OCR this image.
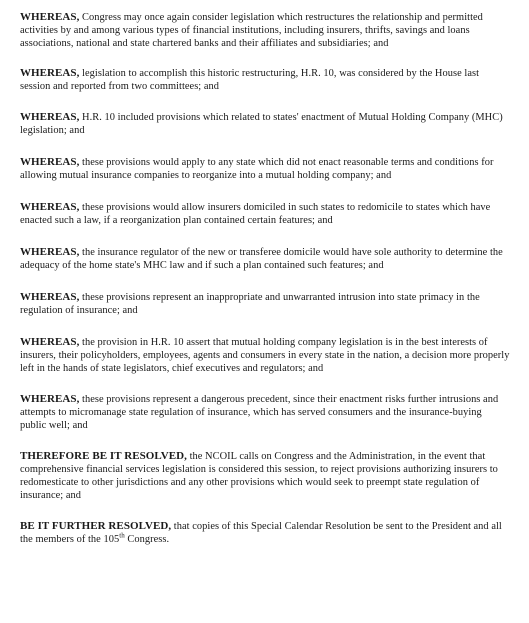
WHEREAS, Congress may once again consider legislation which restructures the relationship and permitted activities by and among various types of financial institutions, including insurers, thrifts, savings and loans associations, national and state chartered banks and their affiliates and subsidiaries; and

WHEREAS, legislation to accomplish this historic restructuring, H.R. 10, was considered by the House last session and reported from two committees; and

WHEREAS, H.R. 10 included provisions which related to states' enactment of Mutual Holding Company (MHC) legislation; and

WHEREAS, these provisions would apply to any state which did not enact reasonable terms and conditions for allowing mutual insurance companies to reorganize into a mutual holding company; and

WHEREAS, these provisions would allow insurers domiciled in such states to redomicile to states which have enacted such a law, if a reorganization plan contained certain features; and

WHEREAS, the insurance regulator of the new or transferee domicile would have sole authority to determine the adequacy of the home state's MHC law and if such a plan contained such features; and

WHEREAS, these provisions represent an inappropriate and unwarranted intrusion into state primacy in the regulation of insurance; and

WHEREAS, the provision in H.R. 10 assert that mutual holding company legislation is in the best interests of insurers, their policyholders, employees, agents and consumers in every state in the nation, a decision more properly left in the hands of state legislators, chief executives and regulators; and

WHEREAS, these provisions represent a dangerous precedent, since their enactment risks further intrusions and attempts to micromanage state regulation of insurance, which has served consumers and the insurance-buying public well; and

THEREFORE BE IT RESOLVED, the NCOIL calls on Congress and the Administration, in the event that comprehensive financial services legislation is considered this session, to reject provisions authorizing insurers to redomesticate to other jurisdictions and any other provisions which would seek to preempt state regulation of insurance; and

BE IT FURTHER RESOLVED, that copies of this Special Calendar Resolution be sent to the President and all the members of the 105th Congress.
